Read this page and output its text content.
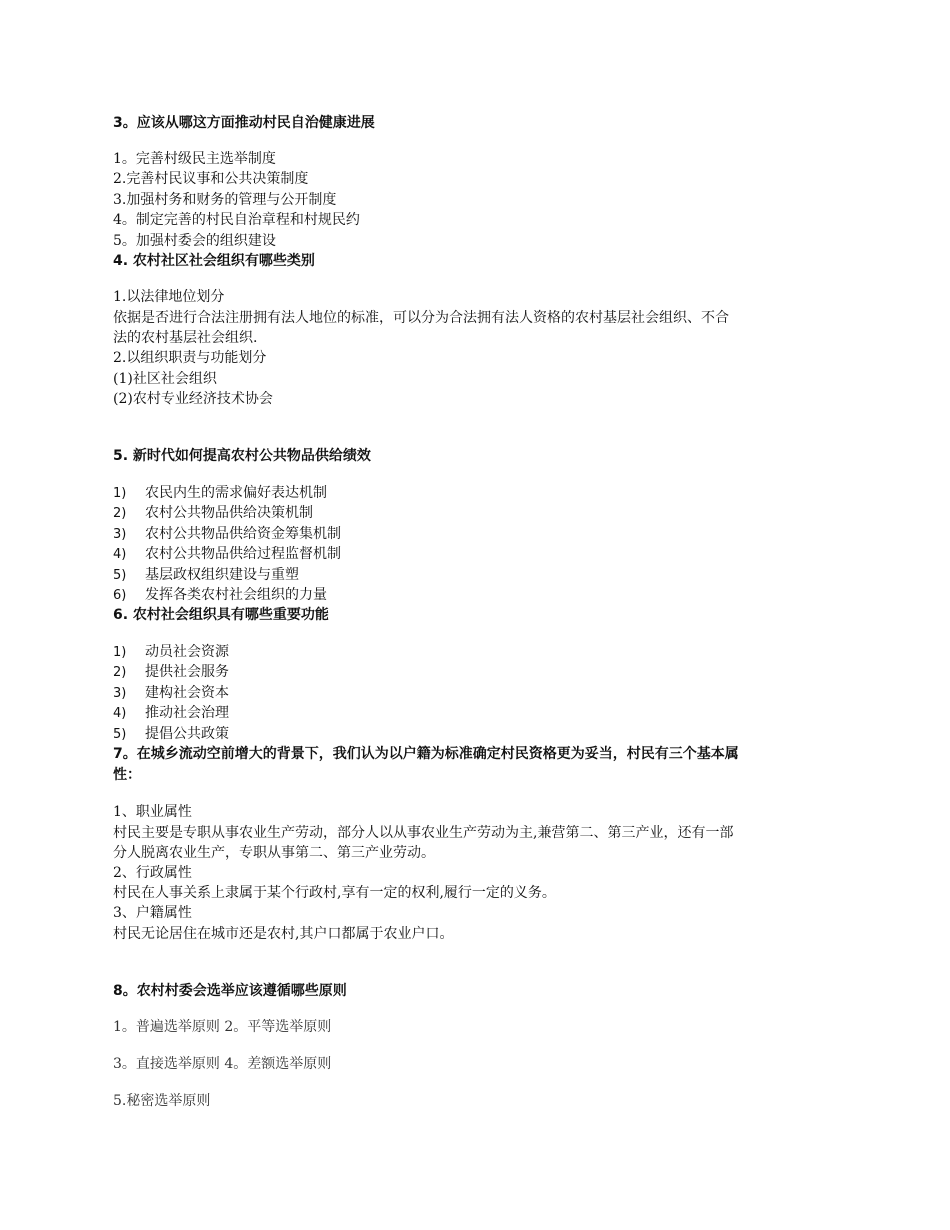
3。应该从哪这方面推动村民自治健康进展
1。完善村级民主选举制度
2.完善村民议事和公共决策制度
3.加强村务和财务的管理与公开制度
4。制定完善的村民自治章程和村规民约
5。加强村委会的组织建设
4. 农村社区社会组织有哪些类别
1.以法律地位划分
依据是否进行合法注册拥有法人地位的标准，可以分为合法拥有法人资格的农村基层社会组织、不合
法的农村基层社会组织.
2.以组织职责与功能划分
(1)社区社会组织
(2)农村专业经济技术协会
5. 新时代如何提高农村公共物品供给绩效
1) 农民内生的需求偏好表达机制
2) 农村公共物品供给决策机制
3) 农村公共物品供给资金筹集机制
4) 农村公共物品供给过程监督机制
5) 基层政权组织建设与重塑
6) 发挥各类农村社会组织的力量
6. 农村社会组织具有哪些重要功能
1) 动员社会资源
2) 提供社会服务
3) 建构社会资本
4) 推动社会治理
5) 提倡公共政策
7。在城乡流动空前增大的背景下，我们认为以户籍为标准确定村民资格更为妥当，村民有三个基本属
性：
1、职业属性
村民主要是专职从事农业生产劳动，部分人以从事农业生产劳动为主,兼营第二、第三产业，还有一部
分人脱离农业生产，专职从事第二、第三产业劳动。
2、行政属性
村民在人事关系上隶属于某个行政村,享有一定的权利,履行一定的义务。
3、户籍属性
村民无论居住在城市还是农村,其户口都属于农业户口。
8。农村村委会选举应该遵循哪些原则
1。普遍选举原则 2。平等选举原则
3。直接选举原则 4。差额选举原则
5.秘密选举原则
